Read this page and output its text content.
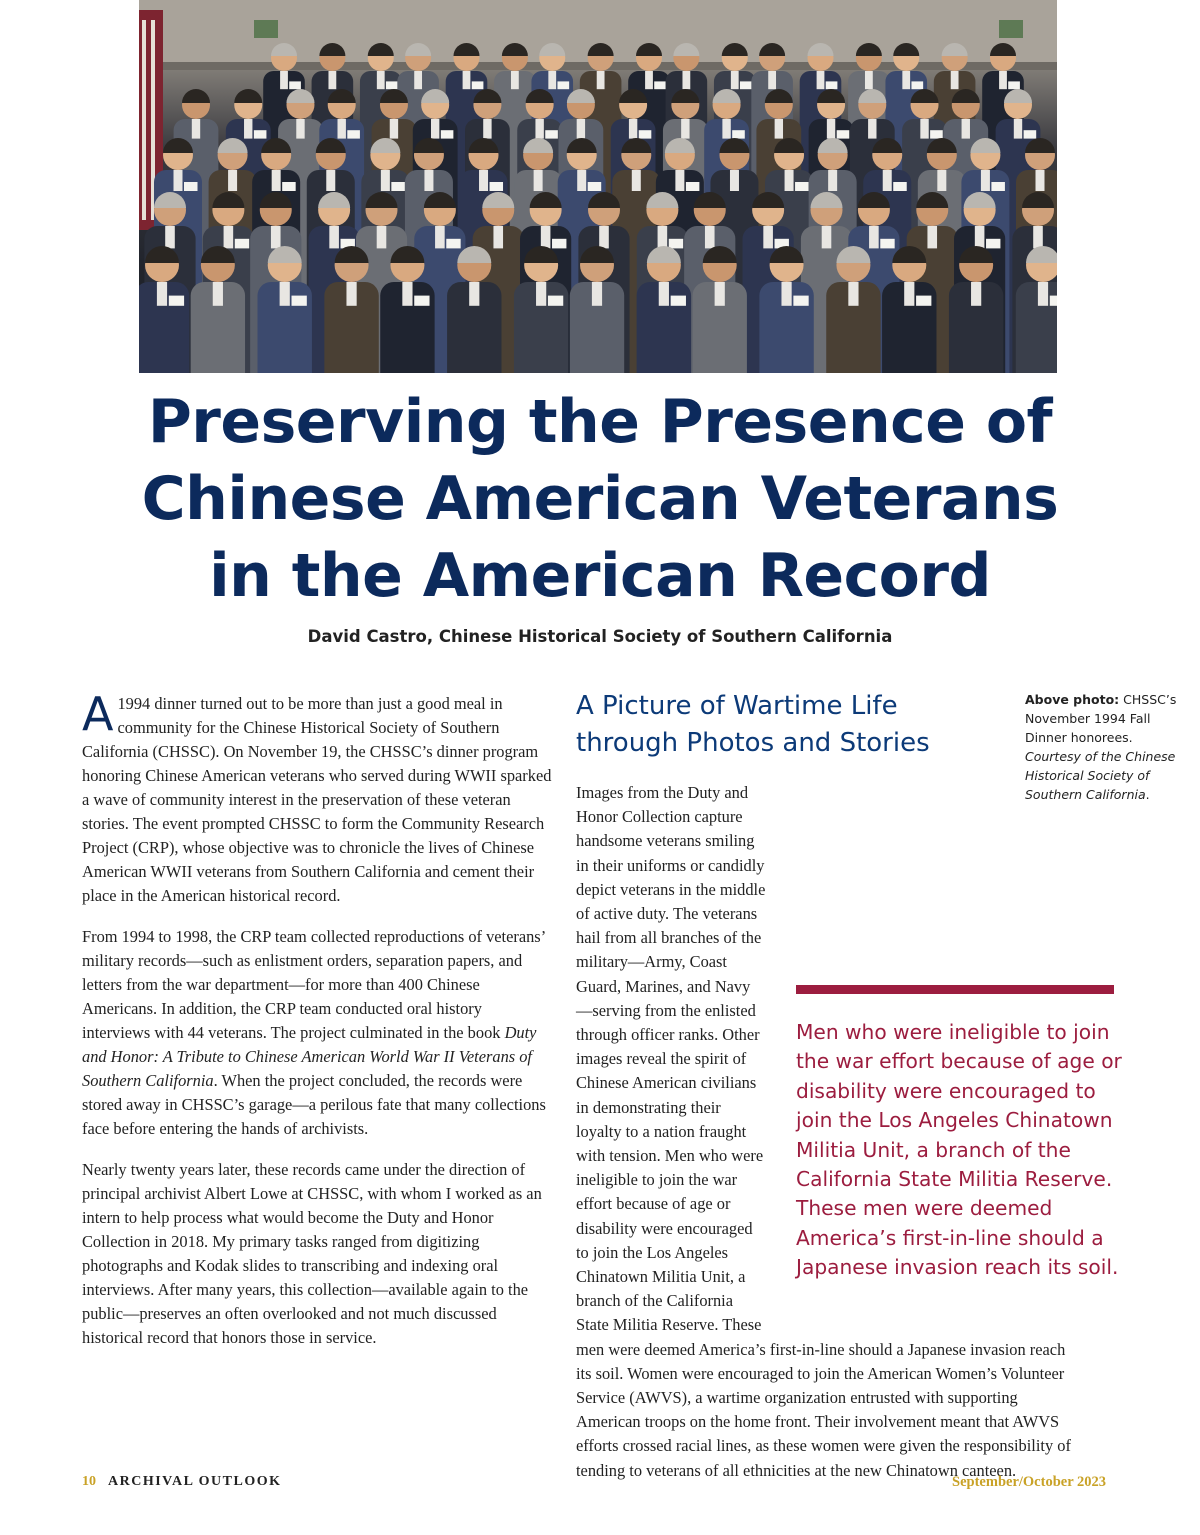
Preserving the Presence of
Chinese American Veterans
in the American Record

David Castro, Chinese Historical Society of Southern California

A 1994 dinner turned out to be more than just a good meal in community for the Chinese Historical Society of Southern California (CHSSC). On November 19, the CHSSC’s dinner program honoring Chinese American veterans who served during WWII sparked a wave of community interest in the preservation of these veteran stories. The event prompted CHSSC to form the Community Research Project (CRP), whose objective was to chronicle the lives of Chinese American WWII veterans from Southern California and cement their place in the American historical record.

From 1994 to 1998, the CRP team collected reproductions of veterans’ military records—such as enlistment orders, separation papers, and letters from the war department—for more than 400 Chinese Americans. In addition, the CRP team conducted oral history interviews with 44 veterans. The project culminated in the book Duty and Honor: A Tribute to Chinese American World War II Veterans of Southern California. When the project concluded, the records were stored away in CHSSC’s garage—a perilous fate that many collections face before entering the hands of archivists.

Nearly twenty years later, these records came under the direction of principal archivist Albert Lowe at CHSSC, with whom I worked as an intern to help process what would become the Duty and Honor Collection in 2018. My primary tasks ranged from digitizing photographs and Kodak slides to transcribing and indexing oral interviews. After many years, this collection—available again to the public—preserves an often overlooked and not much discussed historical record that honors those in service.

A Picture of Wartime Life through Photos and Stories

Images from the Duty and Honor Collection capture handsome veterans smiling in their uniforms or candidly depict veterans in the middle of active duty. The veterans hail from all branches of the military—Army, Coast Guard, Marines, and Navy—serving from the enlisted through officer ranks. Other images reveal the spirit of Chinese American civilians in demonstrating their loyalty to a nation fraught with tension. Men who were ineligible to join the war effort because of age or disability were encouraged to join the Los Angeles Chinatown Militia Unit, a branch of the California State Militia Reserve. These men were deemed America’s first-in-line should a Japanese invasion reach its soil. Women were encouraged to join the American Women’s Volunteer Service (AWVS), a wartime organization entrusted with supporting American troops on the home front. Their involvement meant that AWVS efforts crossed racial lines, as these women were given the responsibility of tending to veterans of all ethnicities at the new Chinatown canteen.

Above photo: CHSSC’s November 1994 Fall Dinner honorees. Courtesy of the Chinese Historical Society of Southern California.

Men who were ineligible to join the war effort because of age or disability were encouraged to join the Los Angeles Chinatown Militia Unit, a branch of the California State Militia Reserve. These men were deemed America’s first-in-line should a Japanese invasion reach its soil.

10 ARCHIVAL OUTLOOK	September/October 2023
